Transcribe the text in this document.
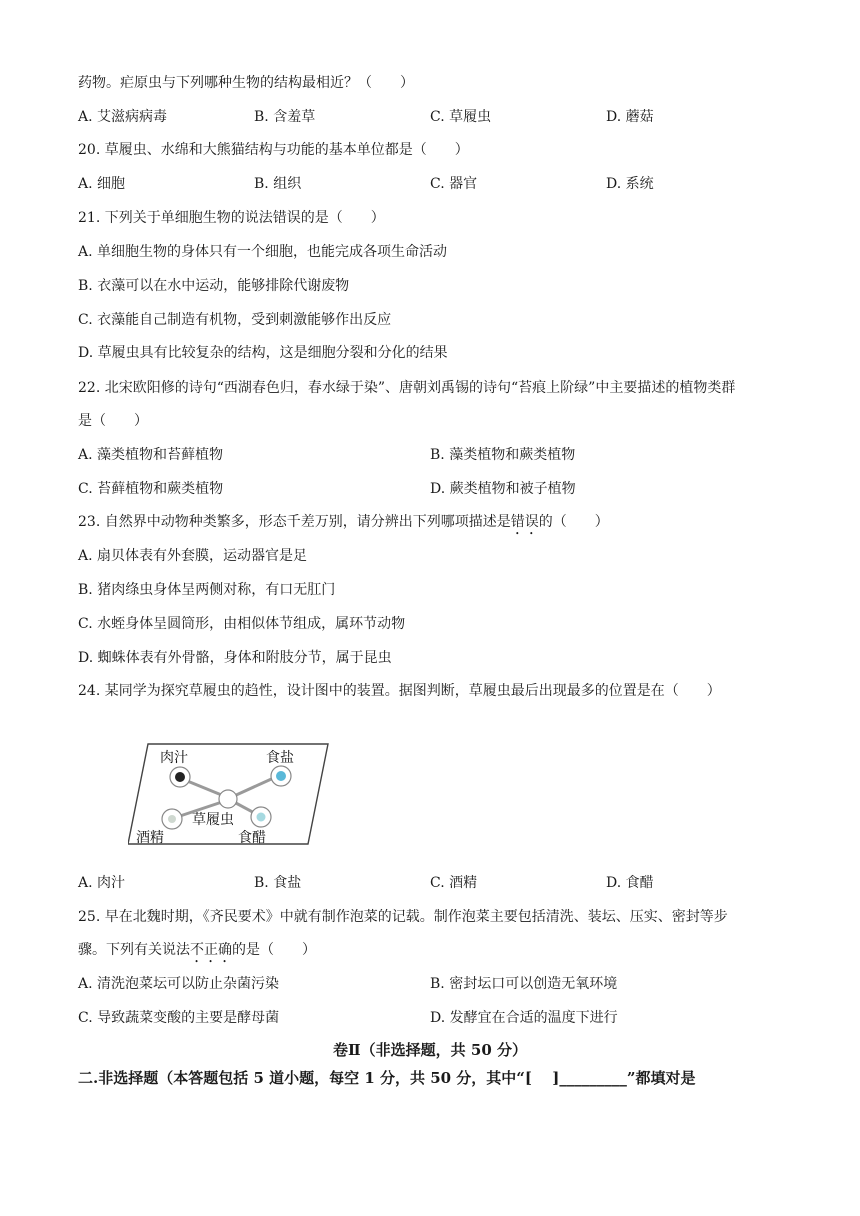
药物。疟原虫与下列哪种生物的结构最相近？（　　）
A. 艾滋病病毒	B. 含羞草	C. 草履虫	D. 蘑菇
20. 草履虫、水绵和大熊猫结构与功能的基本单位都是（　　）
A. 细胞	B. 组织	C. 器官	D. 系统
21. 下列关于单细胞生物的说法错误的是（　　）
A. 单细胞生物的身体只有一个细胞，也能完成各项生命活动
B. 衣藻可以在水中运动，能够排除代谢废物
C. 衣藻能自己制造有机物，受到刺激能够作出反应
D. 草履虫具有比较复杂的结构，这是细胞分裂和分化的结果
22. 北宋欧阳修的诗句“西湖春色归，春水绿于染”、唐朝刘禹锡的诗句“苔痕上阶绿”中主要描述的植物类群
是（　　）
A. 藻类植物和苔藓植物	B. 藻类植物和蕨类植物
C. 苔藓植物和蕨类植物	D. 蕨类植物和被子植物
23. 自然界中动物种类繁多，形态千差万别，请分辨出下列哪项描述是错误的（　　）
A. 扇贝体表有外套膜，运动器官是足
B. 猪肉绦虫身体呈两侧对称，有口无肛门
C. 水蛭身体呈圆筒形，由相似体节组成，属环节动物
D. 蜘蛛体表有外骨骼，身体和附肢分节，属于昆虫
24. 某同学为探究草履虫的趋性，设计图中的装置。据图判断，草履虫最后出现最多的位置是在（　　）
肉汁	食盐
草履虫
酒精	食醋
A. 肉汁	B. 食盐	C. 酒精	D. 食醋
25. 早在北魏时期，《齐民要术》中就有制作泡菜的记载。制作泡菜主要包括清洗、装坛、压实、密封等步
骤。下列有关说法不正确的是（　　）
A. 清洗泡菜坛可以防止杂菌污染	B. 密封坛口可以创造无氧环境
C. 导致蔬菜变酸的主要是酵母菌	D. 发酵宜在合适的温度下进行
卷Ⅱ（非选择题，共 50 分）
二.非选择题（本答题包括 5 道小题，每空 1 分，共 50 分，其中“[　 ]_________”都填对是
